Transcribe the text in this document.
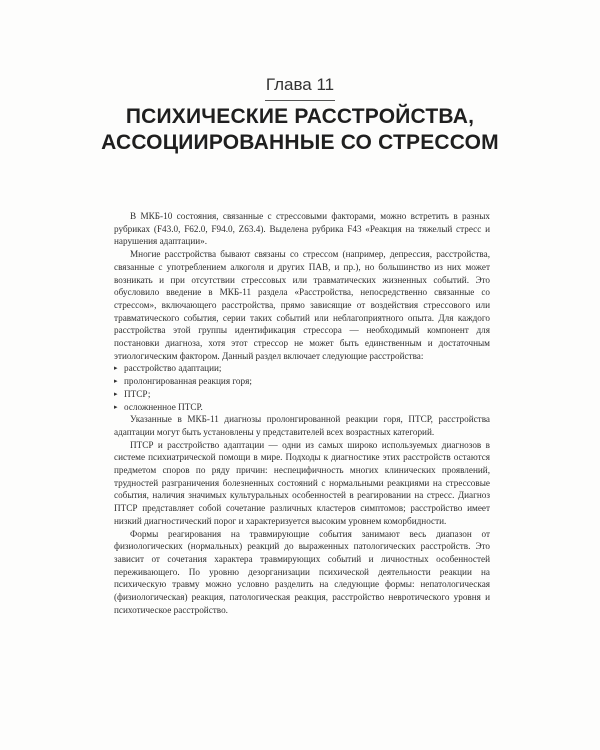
Глава 11
ПСИХИЧЕСКИЕ РАССТРОЙСТВА,
АССОЦИИРОВАННЫЕ СО СТРЕССОМ

В МКБ-10 состояния, связанные с стрессовыми факторами, можно встретить в разных рубриках (F43.0, F62.0, F94.0, Z63.4). Выделена рубрика F43 «Реакция на тяжелый стресс и нарушения адаптации».

Многие расстройства бывают связаны со стрессом (например, депрессия, расстройства, связанные с употреблением алкоголя и других ПАВ, и пр.), но большинство из них может возникать и при отсутствии стрессовых или травматических жизненных событий. Это обусловило введение в МКБ-11 раздела «Расстройства, непосредственно связанные со стрессом», включающего расстройства, прямо зависящие от воздействия стрессового или травматического события, серии таких событий или неблагоприятного опыта. Для каждого расстройства этой группы идентификация стрессора — необходимый компонент для постановки диагноза, хотя этот стрессор не может быть единственным и достаточным этиологическим фактором. Данный раздел включает следующие расстройства:

▸ расстройство адаптации;
▸ пролонгированная реакция горя;
▸ ПТСР;
▸ осложненное ПТСР.

Указанные в МКБ-11 диагнозы пролонгированной реакции горя, ПТСР, расстройства адаптации могут быть установлены у представителей всех возрастных категорий.

ПТСР и расстройство адаптации — одни из самых широко используемых диагнозов в системе психиатрической помощи в мире. Подходы к диагностике этих расстройств остаются предметом споров по ряду причин: неспецифичность многих клинических проявлений, трудностей разграничения болезненных состояний с нормальными реакциями на стрессовые события, наличия значимых культуральных особенностей в реагировании на стресс. Диагноз ПТСР представляет собой сочетание различных кластеров симптомов; расстройство имеет низкий диагностический порог и характеризуется высоким уровнем коморбидности.

Формы реагирования на травмирующие события занимают весь диапазон от физиологических (нормальных) реакций до выраженных патологических расстройств. Это зависит от сочетания характера травмирующих событий и личностных особенностей переживающего. По уровню дезорганизации психической деятельности реакции на психическую травму можно условно разделить на следующие формы: непатологическая (физиологическая) реакция, патологическая реакция, расстройство невротического уровня и психотическое расстройство.
